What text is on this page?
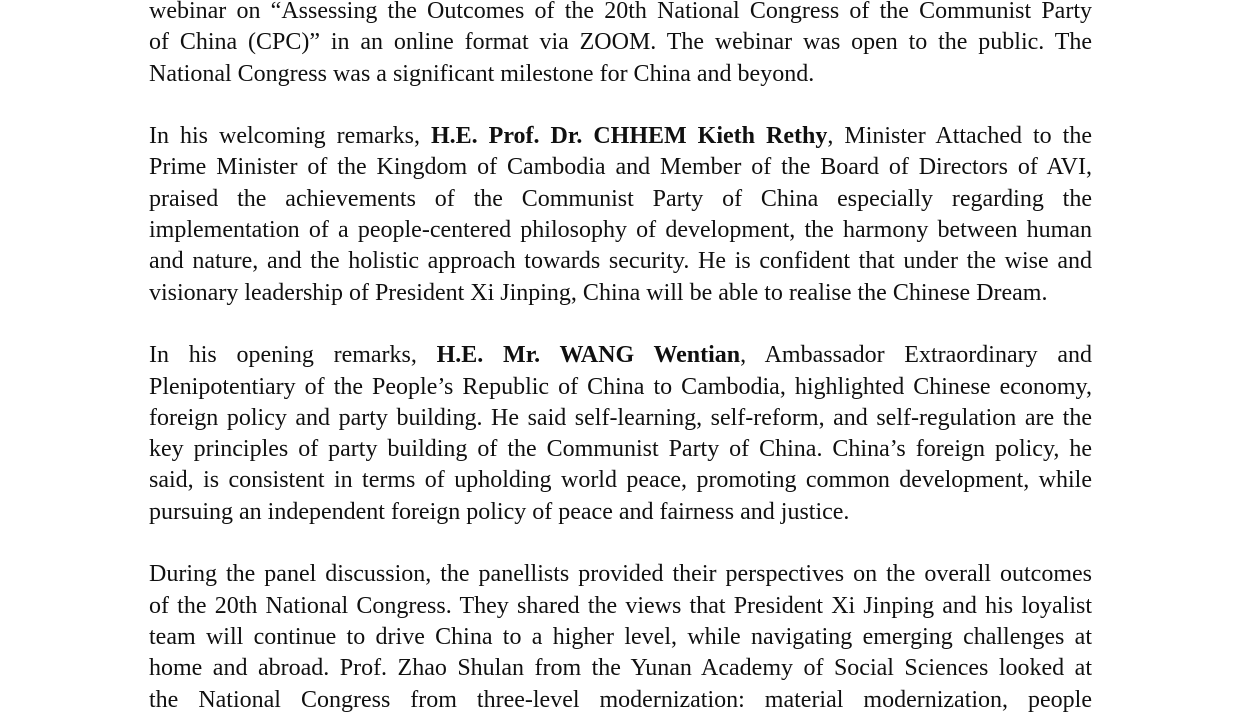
webinar on “Assessing the Outcomes of the 20th National Congress of the Communist Party
of China (CPC)” in an online format via ZOOM. The webinar was open to the public. The
National Congress was a significant milestone for China and beyond.
In his welcoming remarks, H.E. Prof. Dr. CHHEM Kieth Rethy, Minister Attached to the
Prime Minister of the Kingdom of Cambodia and Member of the Board of Directors of AVI,
praised the achievements of the Communist Party of China especially regarding the
implementation of a people-centered philosophy of development, the harmony between human
and nature, and the holistic approach towards security. He is confident that under the wise and
visionary leadership of President Xi Jinping, China will be able to realise the Chinese Dream.
In his opening remarks, H.E. Mr. WANG Wentian, Ambassador Extraordinary and
Plenipotentiary of the People’s Republic of China to Cambodia, highlighted Chinese economy,
foreign policy and party building. He said self-learning, self-reform, and self-regulation are the
key principles of party building of the Communist Party of China. China’s foreign policy, he
said, is consistent in terms of upholding world peace, promoting common development, while
pursuing an independent foreign policy of peace and fairness and justice.
During the panel discussion, the panellists provided their perspectives on the overall outcomes
of the 20th National Congress. They shared the views that President Xi Jinping and his loyalist
team will continue to drive China to a higher level, while navigating emerging challenges at
home and abroad. Prof. Zhao Shulan from the Yunan Academy of Social Sciences looked at
the National Congress from three-level modernization: material modernization, people
